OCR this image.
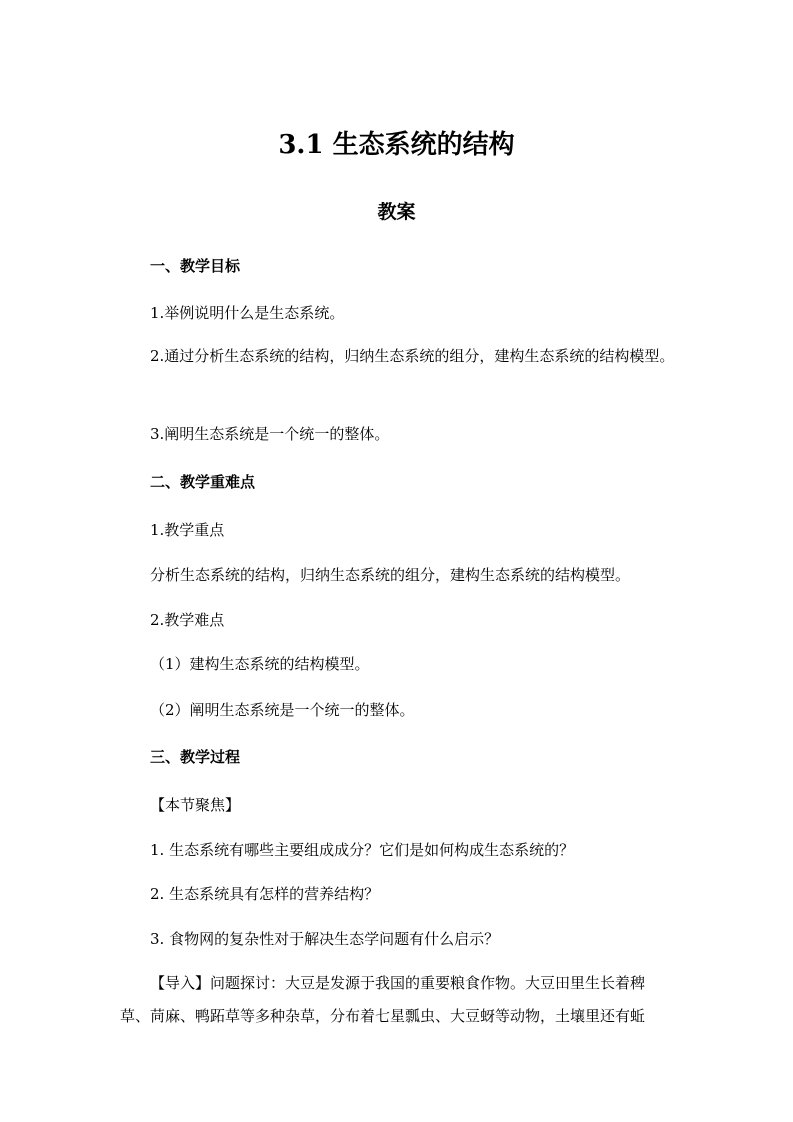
3.1 生态系统的结构
教案
一、教学目标
1.举例说明什么是生态系统。
2.通过分析生态系统的结构，归纳生态系统的组分，建构生态系统的结构模型。
3.阐明生态系统是一个统一的整体。
二、教学重难点
1.教学重点
分析生态系统的结构，归纳生态系统的组分，建构生态系统的结构模型。
2.教学难点
（1）建构生态系统的结构模型。
（2）阐明生态系统是一个统一的整体。
三、教学过程
【本节聚焦】
1. 生态系统有哪些主要组成成分？它们是如何构成生态系统的？
2. 生态系统具有怎样的营养结构？
3. 食物网的复杂性对于解决生态学问题有什么启示？
【导入】问题探讨：大豆是发源于我国的重要粮食作物。大豆田里生长着稗草、苘麻、鸭跖草等多种杂草，分布着七星瓢虫、大豆蚜等动物，土壤里还有蚯
